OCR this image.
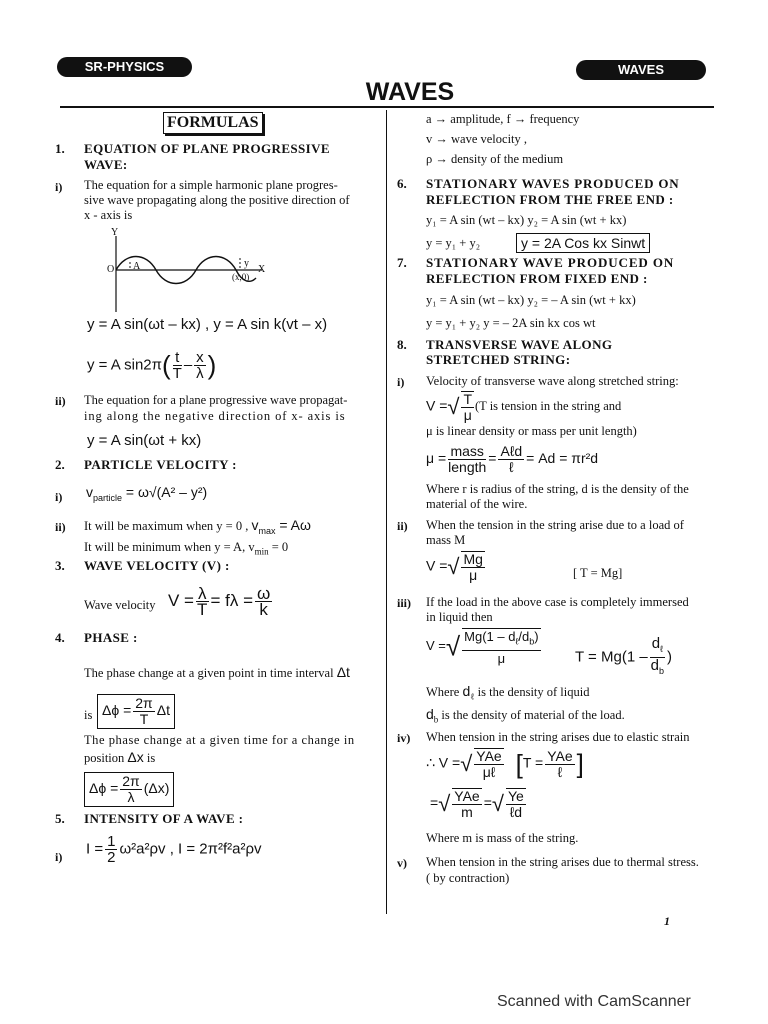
SR-PHYSICS	WAVES
WAVES
FORMULAS
1. EQUATION OF PLANE PROGRESSIVE
WAVE:
i) The equation for a simple harmonic plane progres-
sive wave propagating along the positive direction of
x - axis is
Y
O A	y
X
(x,0)
y = A sin(ωt – kx) , y = A sin k(vt – x)
y = A $\sin 2\pi( \frac{t}{T} - \frac{x}{\lambda}$ )
ii) The equation for a plane progressive wave propagat-
ing along the negative direction of x- axis is
y = A sin(ωt + kx)
2. PARTICLE VELOCITY :
i) $v_{particle} = \omega√(A^2 - y^2)$
ii) It will be maximum when y = 0 , $v_{max} = A\omega$
It will be minimum when y = A, $v_{min} = 0$
3. WAVE VELOCITY (V) :
Wave velocity $V = \frac{\lambda}{T} = f\lambda = \frac{\omega}{k}$
4. PHASE :
The phase change at a given point in time interval Δt
is $\Delta\phi = \frac{2\pi}{T}$ Δt
The phase change at a given time for a change in
position Δx is
$\Delta\phi = \frac{2\pi}{\lambda} (\Delta x)$
5. INTENSITY OF A WAVE :
i) $I = \frac{1}{2} \omega^2a^2\rho v$ , I = 2π²f²a²ρv
a → amplitude, f → frequency
v → wave velocity ,
ρ → density of the medium
6. STATIONARY WAVES PRODUCED ON
REFLECTION FROM THE FREE END :
y₁ = A sin (wt – kx) y₂ = A sin (wt + kx)
y = y₁ + y₂	y = 2A Cos kx Sinwt
7. STATIONARY WAVE PRODUCED ON
REFLECTION FROM FIXED END :
y₁ = A sin (wt – kx) y₂ = – A sin (wt + kx)
y = y₁ + y₂ y = – 2A sin kx cos wt
8. TRANSVERSE WAVE ALONG
STRETCHED STRING:
i) Velocity of transverse wave along stretched string:
V =√ $\frac{T}{\mu} (T$ is tension in the string and
μ is linear density or mass per unit length)
$\mu = \frac{\text{mass}}{\text{length}} = \frac{\text{Aℓd}}{\text{ℓ}} = Ad = \pi r^2d$
Where r is radius of the string, d is the density of the
material of the wire.
ii) When the tension in the string arise due to a load of
mass M
V =√ $\frac{Mg}{\mu}$	[ T = Mg]
iii) If the load in the above case is completely immersed
in liquid then
V =√ $\frac{Mg(1 - d_\ell/d_b)}{\mu}$ $T = Mg(1 - \frac{d_\ell}{d_b}$ )
Where $d_\ell$ is the density of liquid
$d_b$ is the density of material of the load.
iv) When tension in the string arises due to elastic strain
∴ V =√ $\frac{\text{YAe}}{\text{μℓ}} [T = \frac{\text{YAe}}{\text{ℓ}}$ ]
=√ $\frac{\text{YAe}}{m}$ =√ $\frac{Ye}{\text{ℓd}}$
Where m is mass of the string.
v) When tension in the string arises due to thermal stress.
( by contraction)
1
Scanned with CamScanner
